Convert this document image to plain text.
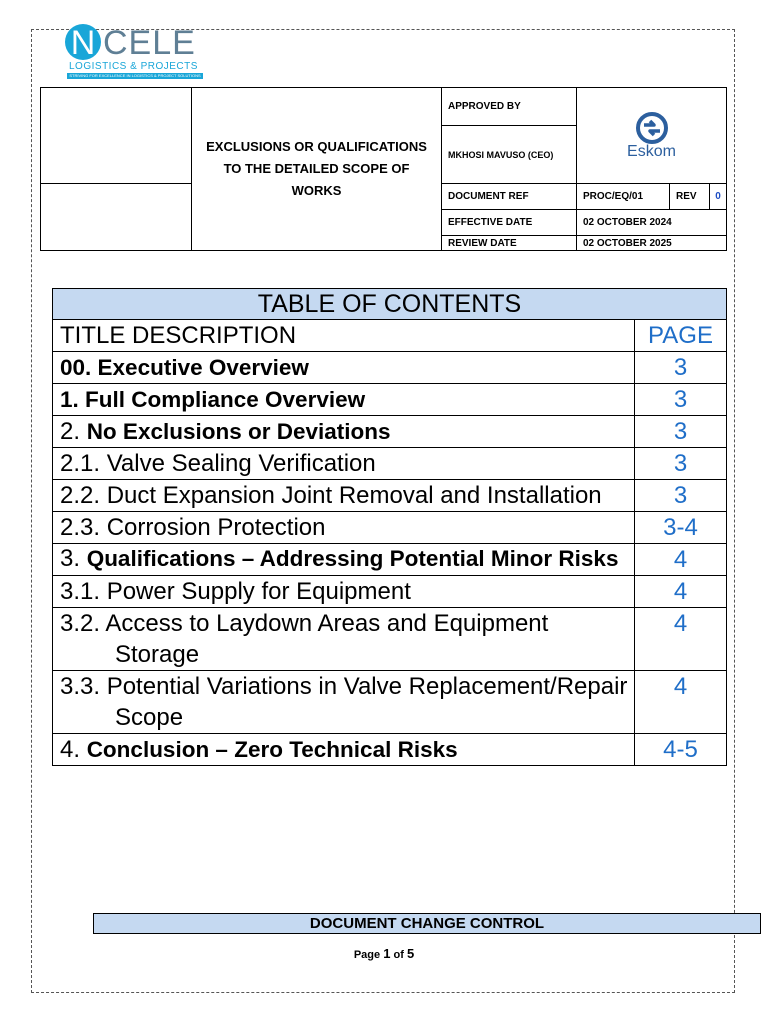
N CELE
LOGISTICS & PROJECTS
STRIVING FOR EXCELLENCE IN LOGISTICS & PROJECT SOLUTIONS
	EXCLUSIONS OR QUALIFICATIONS TO THE DETAILED SCOPE OF WORKS	APPROVED BY	Eskom		

		MKHOSI MAVUSO (CEO)			
		DOCUMENT REF	PROC/EQ/01	REV	0
		EFFECTIVE DATE	02 OCTOBER 2024		
		REVIEW DATE	02 OCTOBER 2025		
TABLE OF CONTENTS	
TITLE DESCRIPTION	PAGE
00. Executive Overview	3
1. Full Compliance Overview	3
2. No Exclusions or Deviations	3
2.1. Valve Sealing Verification	3

2.2. Duct Expansion Joint Removal and Installation	3
2.3. Corrosion Protection	3-4

3. Qualifications – Addressing Potential Minor Risks	4
3.1. Power Supply for Equipment	4

3.2. Access to Laydown Areas and Equipment Storage	4

3.3. Potential Variations in Valve Replacement/Repair Scope	4
4. Conclusion – Zero Technical Risks	4-5
DOCUMENT CHANGE CONTROL
Page 1 of 5
